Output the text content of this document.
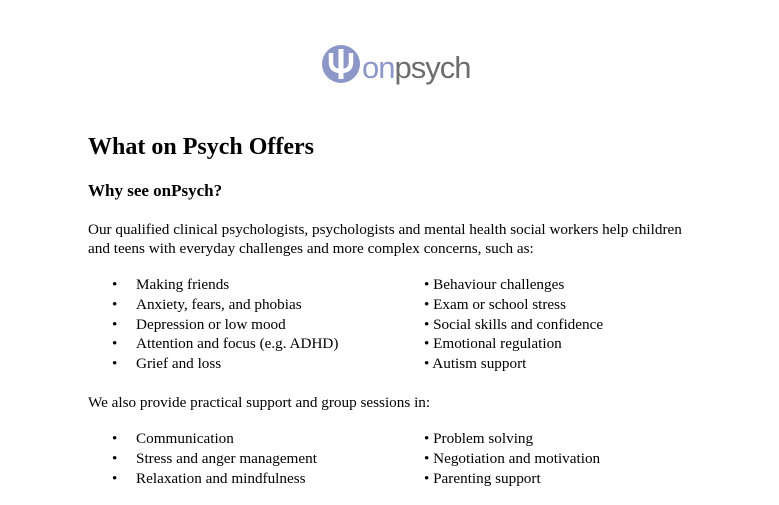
onpsych
What on Psych Offers
Why see onPsych?

Our qualified clinical psychologists, psychologists and mental health social workers help children and teens with everyday challenges and more complex concerns, such as:

• Making friends	• Behaviour challenges
• Anxiety, fears, and phobias	• Exam or school stress
• Depression or low mood	• Social skills and confidence
• Attention and focus (e.g. ADHD)	• Emotional regulation
• Grief and loss	• Autism support

We also provide practical support and group sessions in:

• Communication	• Problem solving
• Stress and anger management	• Negotiation and motivation
• Relaxation and mindfulness	• Parenting support
